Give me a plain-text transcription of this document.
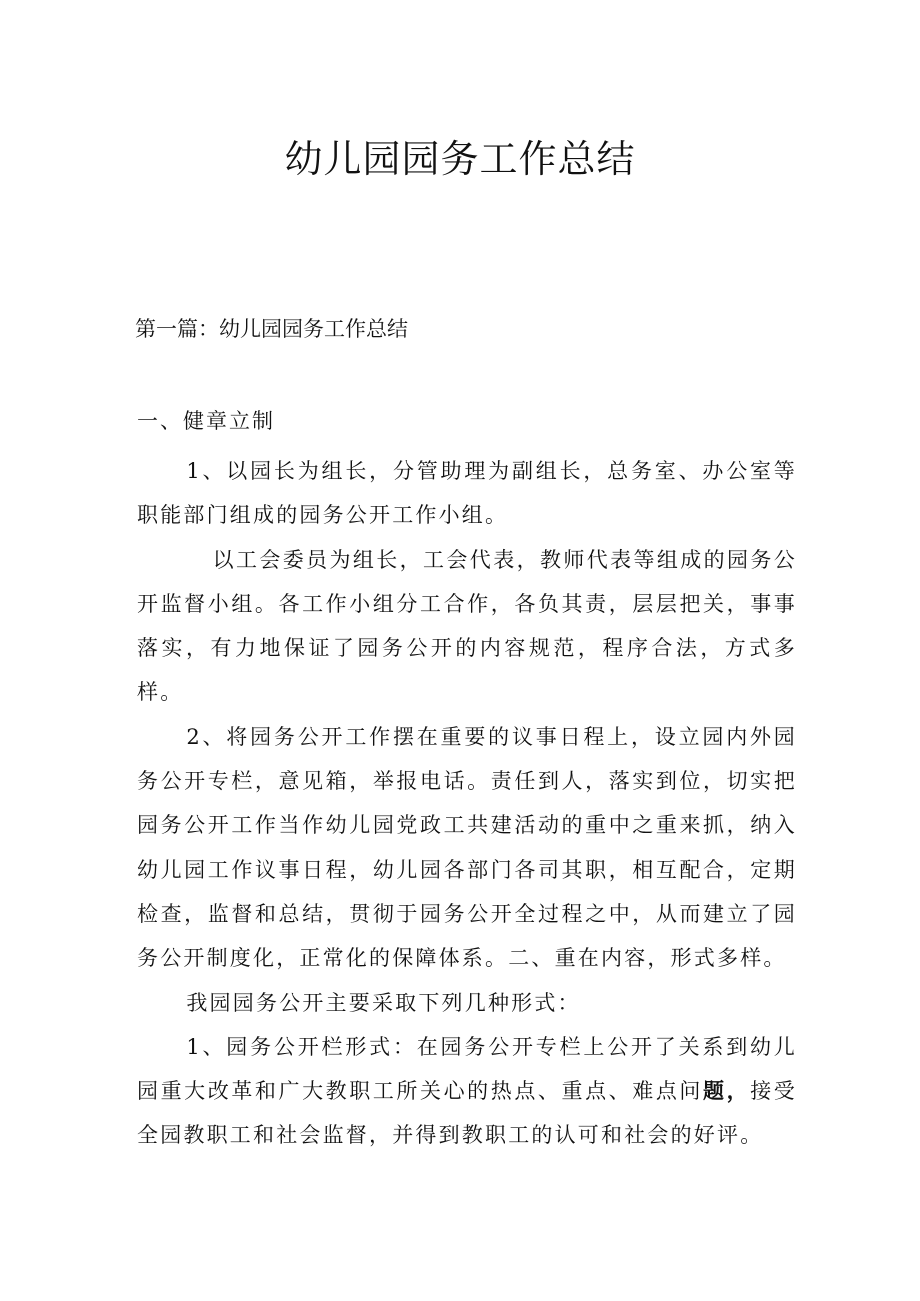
幼儿园园务工作总结
第一篇：幼儿园园务工作总结
一、健章立制

1、以园长为组长，分管助理为副组长，总务室、办公室等职能部门组成的园务公开工作小组。

以工会委员为组长，工会代表，教师代表等组成的园务公开监督小组。各工作小组分工合作，各负其责，层层把关，事事落实，有力地保证了园务公开的内容规范，程序合法，方式多样。

2、将园务公开工作摆在重要的议事日程上，设立园内外园务公开专栏，意见箱，举报电话。责任到人，落实到位，切实把园务公开工作当作幼儿园党政工共建活动的重中之重来抓，纳入幼儿园工作议事日程，幼儿园各部门各司其职，相互配合，定期检查，监督和总结，贯彻于园务公开全过程之中，从而建立了园务公开制度化，正常化的保障体系。二、重在内容，形式多样。

我园园务公开主要采取下列几种形式：

1、园务公开栏形式：在园务公开专栏上公开了关系到幼儿园重大改革和广大教职工所关心的热点、重点、难点问题，接受全园教职工和社会监督，并得到教职工的认可和社会的好评。
